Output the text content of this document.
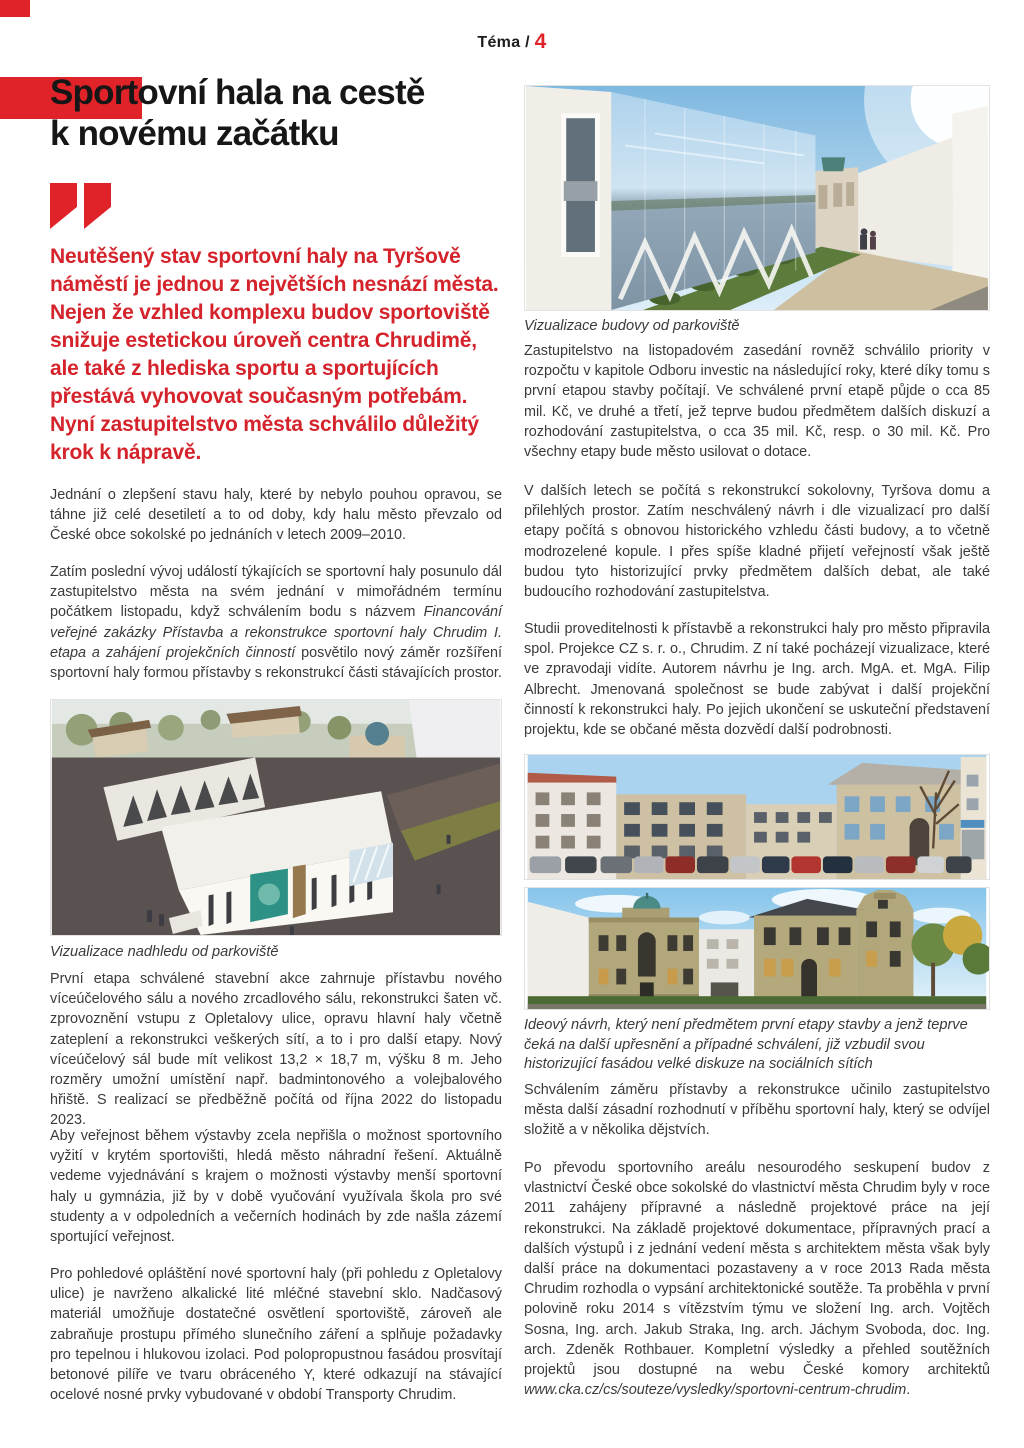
Téma / 4
Sportovní hala na cestě
k novému začátku
Neutěšený stav sportovní haly na Tyršově náměstí je jednou z největších nesnází města. Nejen že vzhled komplexu budov sportoviště snižuje estetickou úroveň centra Chrudimě, ale také z hlediska sportu a sportujících přestává vyhovovat současným potřebám. Nyní zastupitelstvo města schválilo důležitý krok k nápravě.

Jednání o zlepšení stavu haly, které by nebylo pouhou opravou, se táhne již celé desetiletí a to od doby, kdy halu město převzalo od České obce sokolské po jednáních v letech 2009–2010.

Zatím poslední vývoj událostí týkajících se sportovní haly posunulo dál zastupitelstvo města na svém jednání v mimořádném termínu počátkem listopadu, když schválením bodu s názvem Financování veřejné zakázky Přístavba a rekonstrukce sportovní haly Chrudim I. etapa a zahájení projekčních činností posvětilo nový záměr rozšíření sportovní haly formou přístavby s rekonstrukcí části stávajících prostor.

Vizualizace nadhledu od parkoviště

První etapa schválené stavební akce zahrnuje přístavbu nového víceúčelového sálu a nového zrcadlového sálu, rekonstrukci šaten vč. zprovoznění vstupu z Opletalovy ulice, opravu hlavní haly včetně zateplení a rekonstrukci veškerých sítí, a to i pro další etapy. Nový víceúčelový sál bude mít velikost 13,2 × 18,7 m, výšku 8 m. Jeho rozměry umožní umístění např. badmintonového a volejbalového hřiště. S realizací se předběžně počítá od října 2022 do listopadu 2023.

Aby veřejnost během výstavby zcela nepřišla o možnost sportovního vyžití v krytém sportovišti, hledá město náhradní řešení. Aktuálně vedeme vyjednávání s krajem o možnosti výstavby menší sportovní haly u gymnázia, již by v době vyučování využívala škola pro své studenty a v odpoledních a večerních hodinách by zde našla zázemí sportující veřejnost.

Pro pohledové opláštění nové sportovní haly (při pohledu z Opletalovy ulice) je navrženo alkalické lité mléčné stavební sklo. Nadčasový materiál umožňuje dostatečné osvětlení sportoviště, zároveň ale zabraňuje prostupu přímého slunečního záření a splňuje požadavky pro tepelnou i hlukovou izolaci. Pod polopropustnou fasádou prosvítají betonové pilíře ve tvaru obráceného Y, které odkazují na stávající ocelové nosné prvky vybudované v období Transporty Chrudim.

Vizualizace budovy od parkoviště

Zastupitelstvo na listopadovém zasedání rovněž schválilo priority v rozpočtu v kapitole Odboru investic na následující roky, které díky tomu s první etapou stavby počítají. Ve schválené první etapě půjde o cca 85 mil. Kč, ve druhé a třetí, jež teprve budou předmětem dalších diskuzí a rozhodování zastupitelstva, o cca 35 mil. Kč, resp. o 30 mil. Kč. Pro všechny etapy bude město usilovat o dotace.

V dalších letech se počítá s rekonstrukcí sokolovny, Tyršova domu a přilehlých prostor. Zatím neschválený návrh i dle vizualizací pro další etapy počítá s obnovou historického vzhledu části budovy, a to včetně modrozelené kopule. I přes spíše kladné přijetí veřejností však ještě budou tyto historizující prvky předmětem dalších debat, ale také budoucího rozhodování zastupitelstva.

Studii proveditelnosti k přístavbě a rekonstrukci haly pro město připravila spol. Projekce CZ s. r. o., Chrudim. Z ní také pocházejí vizualizace, které ve zpravodaji vidíte. Autorem návrhu je Ing. arch. MgA. et. MgA. Filip Albrecht. Jmenovaná společnost se bude zabývat i další projekční činností k rekonstrukci haly. Po jejich ukončení se uskuteční představení projektu, kde se občané města dozvědí další podrobnosti.

Ideový návrh, který není předmětem první etapy stavby a jenž teprve čeká na další upřesnění a případné schválení, již vzbudil svou historizující fasádou velké diskuze na sociálních sítích

Schválením záměru přístavby a rekonstrukce učinilo zastupitelstvo města další zásadní rozhodnutí v příběhu sportovní haly, který se odvíjel složitě a v několika dějstvích.

Po převodu sportovního areálu nesourodého seskupení budov z vlastnictví České obce sokolské do vlastnictví města Chrudim byly v roce 2011 zahájeny přípravné a následně projektové práce na její rekonstrukci. Na základě projektové dokumentace, přípravných prací a dalších výstupů i z jednání vedení města s architektem města však byly další práce na dokumentaci pozastaveny a v roce 2013 Rada města Chrudim rozhodla o vypsání architektonické soutěže. Ta proběhla v první polovině roku 2014 s vítězstvím týmu ve složení Ing. arch. Vojtěch Sosna, Ing. arch. Jakub Straka, Ing. arch. Jáchym Svoboda, doc. Ing. arch. Zdeněk Rothbauer. Kompletní výsledky a přehled soutěžních projektů jsou dostupné na webu České komory architektů www.cka.cz/cs/souteze/vysledky/sportovni-centrum-chrudim.
